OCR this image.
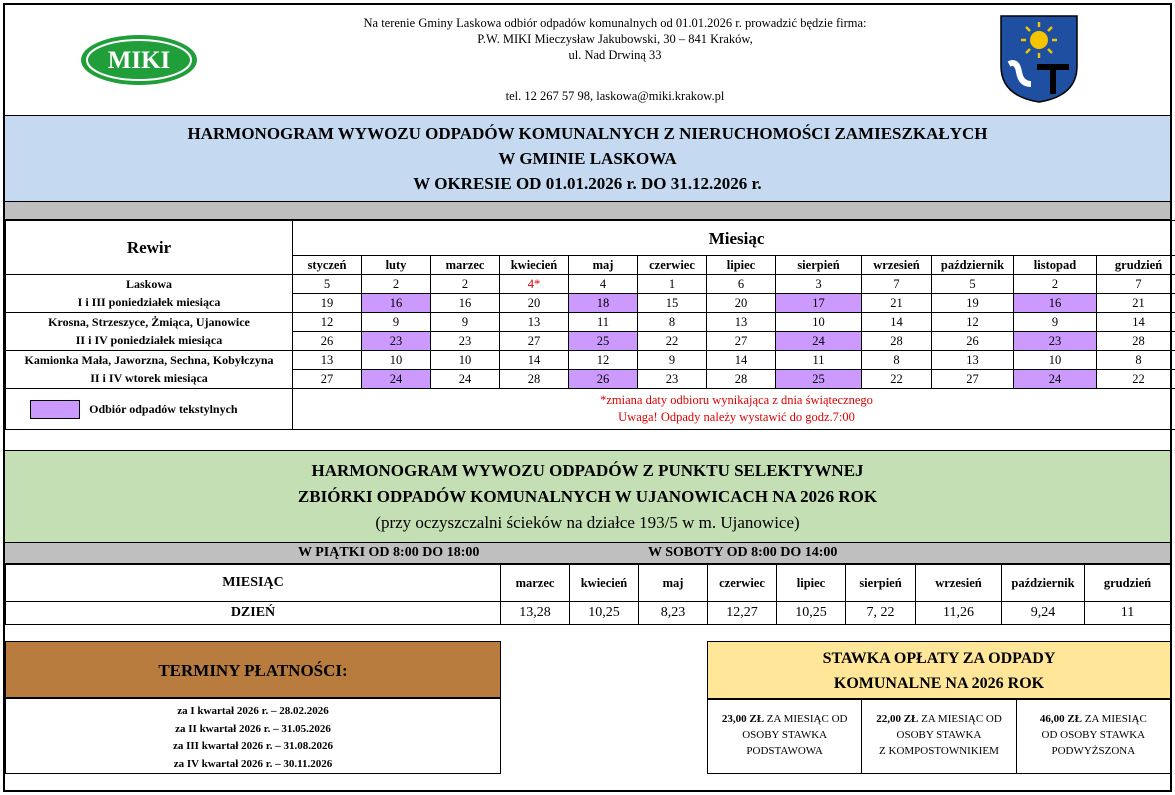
MIKI
Na terenie Gminy Laskowa odbiór odpadów komunalnych od 01.01.2026 r. prowadzić będzie firma:
P.W. MIKI Mieczysław Jakubowski, 30 – 841 Kraków,
ul. Nad Drwiną 33
tel. 12 267 57 98, laskowa@miki.krakow.pl
HARMONOGRAM WYWOZU ODPADÓW KOMUNALNYCH Z NIERUCHOMOŚCI ZAMIESZKAŁYCH
W GMINIE LASKOWA
W OKRESIE OD 01.01.2026 r. DO 31.12.2026 r.
Rewir	Miesiąc											
	styczeń	luty	marzec	kwiecień	maj	czerwiec	lipiec	sierpień	wrzesień	październik	listopad	grudzień
Laskowa	5	2	2	4*	4	1	6	3	7	5	2	7
I i III poniedziałek miesiąca	19	16	16	20	18	15	20	17	21	19	16	21
Krosna, Strzeszyce, Żmiąca, Ujanowice	12	9	9	13	11	8	13	10	14	12	9	14
II i IV poniedziałek miesiąca	26	23	23	27	25	22	27	24	28	26	23	28
Kamionka Mała, Jaworzna, Sechna, Kobyłczyna	13	10	10	14	12	9	14	11	8	13	10	8
II i IV wtorek miesiąca	27	24	24	28	26	23	28	25	22	27	24	22
Odbiór odpadów tekstylnych	*zmiana daty odbioru wynikająca z dnia świątecznego
Uwaga! Odpady należy wystawić do godz.7:00											
HARMONOGRAM WYWOZU ODPADÓW Z PUNKTU SELEKTYWNEJ
ZBIÓRKI ODPADÓW KOMUNALNYCH W UJANOWICACH NA 2026 ROK
(przy oczyszczalni ścieków na działce 193/5 w m. Ujanowice)
W PIĄTKI OD 8:00 DO 18:00	W SOBOTY OD 8:00 DO 14:00
MIESIĄC	marzec	kwiecień	maj	czerwiec	lipiec	sierpień	wrzesień	październik	grudzień
DZIEŃ	13,28	10,25	8,23	12,27	10,25	7, 22	11,26	9,24	11
TERMINY PŁATNOŚCI:
za I kwartał 2026 r. – 28.02.2026
za II kwartał 2026 r. – 31.05.2026
za III kwartał 2026 r. – 31.08.2026
za IV kwartał 2026 r. – 30.11.2026
STAWKA OPŁATY ZA ODPADY
KOMUNALNE NA 2026 ROK
23,00 ZŁ ZA MIESIĄC OD
OSOBY STAWKA
PODSTAWOWA
22,00 ZŁ ZA MIESIĄC OD
OSOBY STAWKA
Z KOMPOSTOWNIKIEM
46,00 ZŁ ZA MIESIĄC
OD OSOBY STAWKA
PODWYŻSZONA
